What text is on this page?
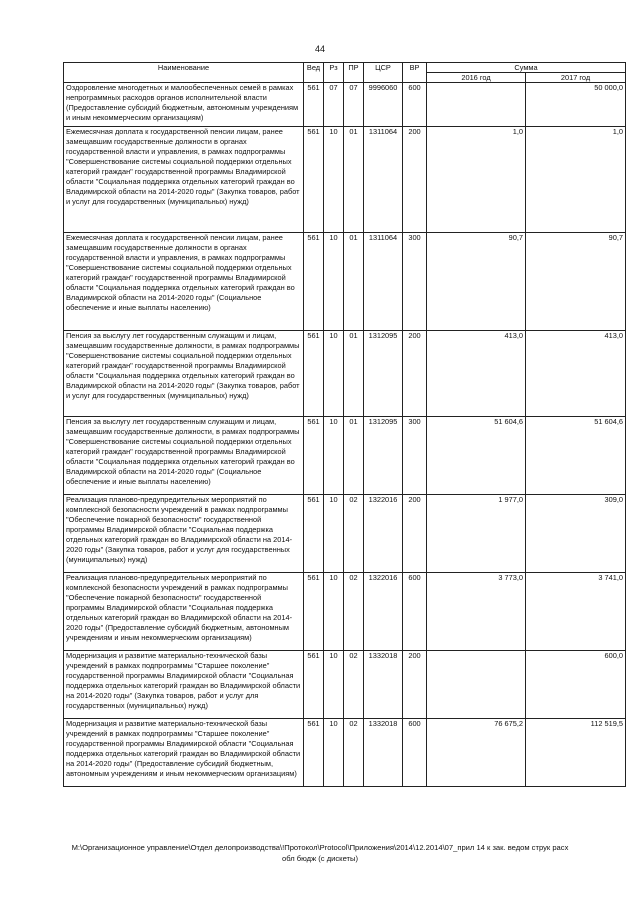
44
Наименование	Вед	Рз	ПР	ЦСР	ВР	Сумма	
						2016 год	2017 год
Оздоровление многодетных и малообеспеченных семей в рамках непрограммных расходов органов исполнительной власти (Предоставление субсидий бюджетным, автономным учреждениям и иным некоммерческим организациям)	561	07	07	9996060	600		50 000,0
Ежемесячная доплата к государственной пенсии лицам, ранее замещавшим государственные должности в органах государственной власти и управления, в рамках подпрограммы "Совершенствование системы социальной поддержки отдельных категорий граждан" государственной программы Владимирской области "Социальная поддержка отдельных категорий граждан во Владимирской области на 2014-2020 годы" (Закупка товаров, работ и услуг для государственных (муниципальных) нужд)	561	10	01	1311064	200	1,0	1,0
Ежемесячная доплата к государственной пенсии лицам, ранее замещавшим государственные должности в органах государственной власти и управления, в рамках подпрограммы "Совершенствование системы социальной поддержки отдельных категорий граждан" государственной программы Владимирской области "Социальная поддержка отдельных категорий граждан во Владимирской области на 2014-2020 годы" (Социальное обеспечение и иные выплаты населению)	561	10	01	1311064	300	90,7	90,7
Пенсия за выслугу лет государственным служащим и лицам, замещавшим государственные должности, в рамках подпрограммы "Совершенствование системы социальной поддержки отдельных категорий граждан" государственной программы Владимирской области "Социальная поддержка отдельных категорий граждан во Владимирской области на 2014-2020 годы" (Закупка товаров, работ и услуг для государственных (муниципальных) нужд)	561	10	01	1312095	200	413,0	413,0
Пенсия за выслугу лет государственным служащим и лицам, замещавшим государственные должности, в рамках подпрограммы "Совершенствование системы социальной поддержки отдельных категорий граждан" государственной программы Владимирской области "Социальная поддержка отдельных категорий граждан во Владимирской области на 2014-2020 годы" (Социальное обеспечение и иные выплаты населению)	561	10	01	1312095	300	51 604,6	51 604,6
Реализация планово-предупредительных мероприятий по комплексной безопасности учреждений в рамках подпрограммы "Обеспечение пожарной безопасности" государственной программы Владимирской области "Социальная поддержка отдельных категорий граждан во Владимирской области на 2014-2020 годы" (Закупка товаров, работ и услуг для государственных (муниципальных) нужд)	561	10	02	1322016	200	1 977,0	309,0
Реализация планово-предупредительных мероприятий по комплексной безопасности учреждений в рамках подпрограммы "Обеспечение пожарной безопасности" государственной программы Владимирской области "Социальная поддержка отдельных категорий граждан во Владимирской области на 2014-2020 годы" (Предоставление субсидий бюджетным, автономным учреждениям и иным некоммерческим организациям)	561	10	02	1322016	600	3 773,0	3 741,0
Модернизация и развитие материально-технической базы учреждений в рамках подпрограммы "Старшее поколение" государственной программы Владимирской области "Социальная поддержка отдельных категорий граждан во Владимирской области на 2014-2020 годы" (Закупка товаров, работ и услуг для государственных (муниципальных) нужд)	561	10	02	1332018	200		600,0
Модернизация и развитие материально-технической базы учреждений в рамках подпрограммы "Старшее поколение" государственной программы Владимирской области "Социальная поддержка отдельных категорий граждан во Владимирской области на 2014-2020 годы" (Предоставление субсидий бюджетным, автономным учреждениям и иным некоммерческим организациям)	561	10	02	1332018	600	76 675,2	112 519,5
M:\Организационное управление\Отдел делопроизводства\!Протокол\Protocol\Приложения\2014\12.2014\07_прил 14 к зак. ведом струк расх
обл бюдж (с дискеты)
